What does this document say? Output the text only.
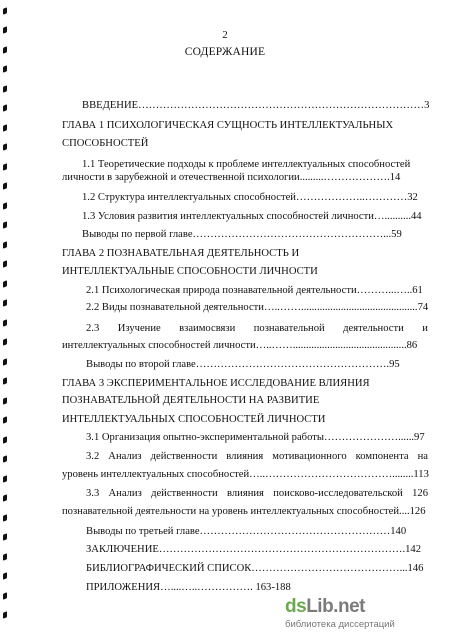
2
СОДЕРЖАНИЕ
ВВЕДЕНИЕ………………………………………………………………………3
ГЛАВА 1 ПСИХОЛОГИЧЕСКАЯ СУЩНОСТЬ ИНТЕЛЛЕКТУАЛЬНЫХ
СПОСОБНОСТЕЙ
1.1 Теоретические подходы к проблеме интеллектуальных способностей
личности в зарубежной и отечественной психологии.........……………….14
1.2 Структура интеллектуальных способностей………………..…………32
1.3 Условия развития интеллектуальных способностей личности…..........44
Выводы по первой главе………………………………………………...59
ГЛАВА 2 ПОЗНАВАТЕЛЬНАЯ ДЕЯТЕЛЬНОСТЬ И
ИНТЕЛЛЕКТУАЛЬНЫЕ СПОСОБНОСТИ ЛИЧНОСТИ
2.1 Психологическая природа познавательной деятельности………...…..61
2.2 Виды познавательной деятельности…..……............................................74
2.3 Изучение взаимосвязи познавательной деятельности и
интеллектуальных способностей личности…..……...........................................86
Выводы по второй главе……………………………………………….95
ГЛАВА 3 ЭКСПЕРИМЕНТАЛЬНОЕ ИССЛЕДОВАНИЕ ВЛИЯНИЯ
ПОЗНАВАТЕЛЬНОЙ ДЕЯТЕЛЬНОСТИ НА РАЗВИТИЕ
ИНТЕЛЛЕКТУАЛЬНЫХ СПОСОБНОСТЕЙ ЛИЧНОСТИ
3.1 Организация опытно-экспериментальной работы…………………......97
3.2 Анализ действенности влияния мотивационного компонента на
уровень интеллектуальных способностей…..………………………………........113
3.3 Анализ действенности влияния поисково-исследовательской 126
познавательной деятельности на уровень интеллектуальных способностей....126
Выводы по третьей главе………………………………………………140
ЗАКЛЮЧЕНИЕ…………………………………………………………….142
БИБЛИОГРАФИЧЕСКИЙ СПИСОК……………………………………...146
ПРИЛОЖЕНИЯ…....…..……………. 163-188
dsLib.net
библиотека диссертаций
